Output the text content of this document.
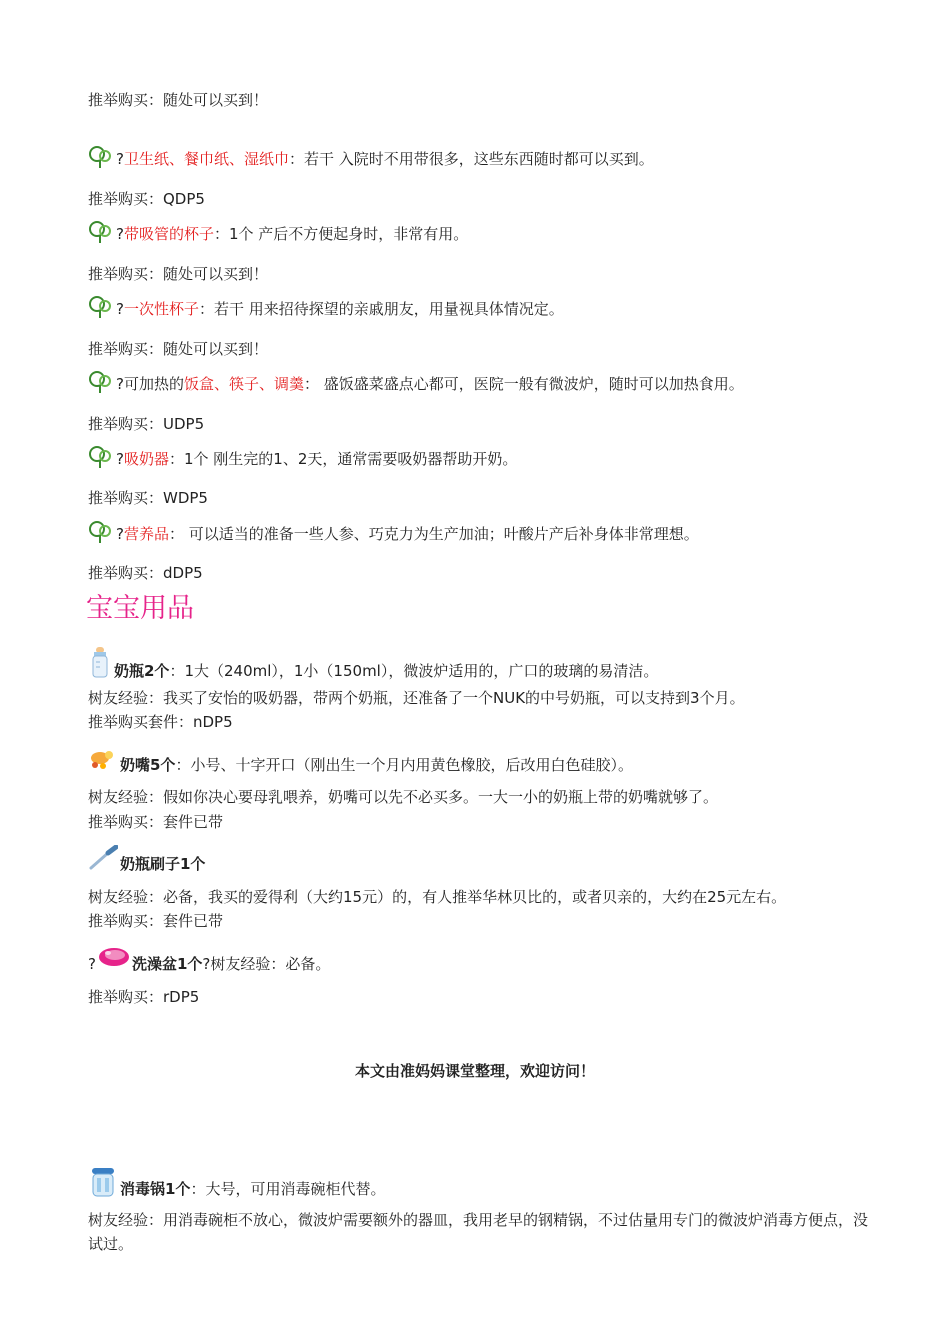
推举购买：随处可以买到！
?卫生纸、餐巾纸、湿纸巾：若干 入院时不用带很多，这些东西随时都可以买到。
推举购买：QDP5
?带吸管的杯子：1个 产后不方便起身时，非常有用。
推举购买：随处可以买到！
?一次性杯子：若干 用来招待探望的亲戚朋友，用量视具体情况定。
推举购买：随处可以买到！
?可加热的饭盒、筷子、调羹： 盛饭盛菜盛点心都可，医院一般有微波炉，随时可以加热食用。
推举购买：UDP5
?吸奶器：1个 刚生完的1、2天，通常需要吸奶器帮助开奶。
推举购买：WDP5
?营养品： 可以适当的准备一些人参、巧克力为生产加油；叶酸片产后补身体非常理想。
推举购买：dDP5
宝宝用品
奶瓶2个：1大（240ml），1小（150ml），微波炉适用的，广口的玻璃的易清洁。
树友经验：我买了安怡的吸奶器，带两个奶瓶，还准备了一个NUK的中号奶瓶，可以支持到3个月。
推举购买套件：nDP5
奶嘴5个：小号、十字开口（刚出生一个月内用黄色橡胶，后改用白色硅胶）。
树友经验：假如你决心要母乳喂养，奶嘴可以先不必买多。一大一小的奶瓶上带的奶嘴就够了。
推举购买：套件已带
奶瓶刷子1个
树友经验：必备，我买的爱得利（大约15元）的，有人推举华林贝比的，或者贝亲的，大约在25元左右。
推举购买：套件已带
? 洗澡盆1个?树友经验：必备。
推举购买：rDP5
本文由准妈妈课堂整理，欢迎访问！
消毒锅1个：大号，可用消毒碗柜代替。
树友经验：用消毒碗柜不放心，微波炉需要额外的器皿，我用老早的钢精锅，不过估量用专门的微波炉消毒方便点，没试过。
